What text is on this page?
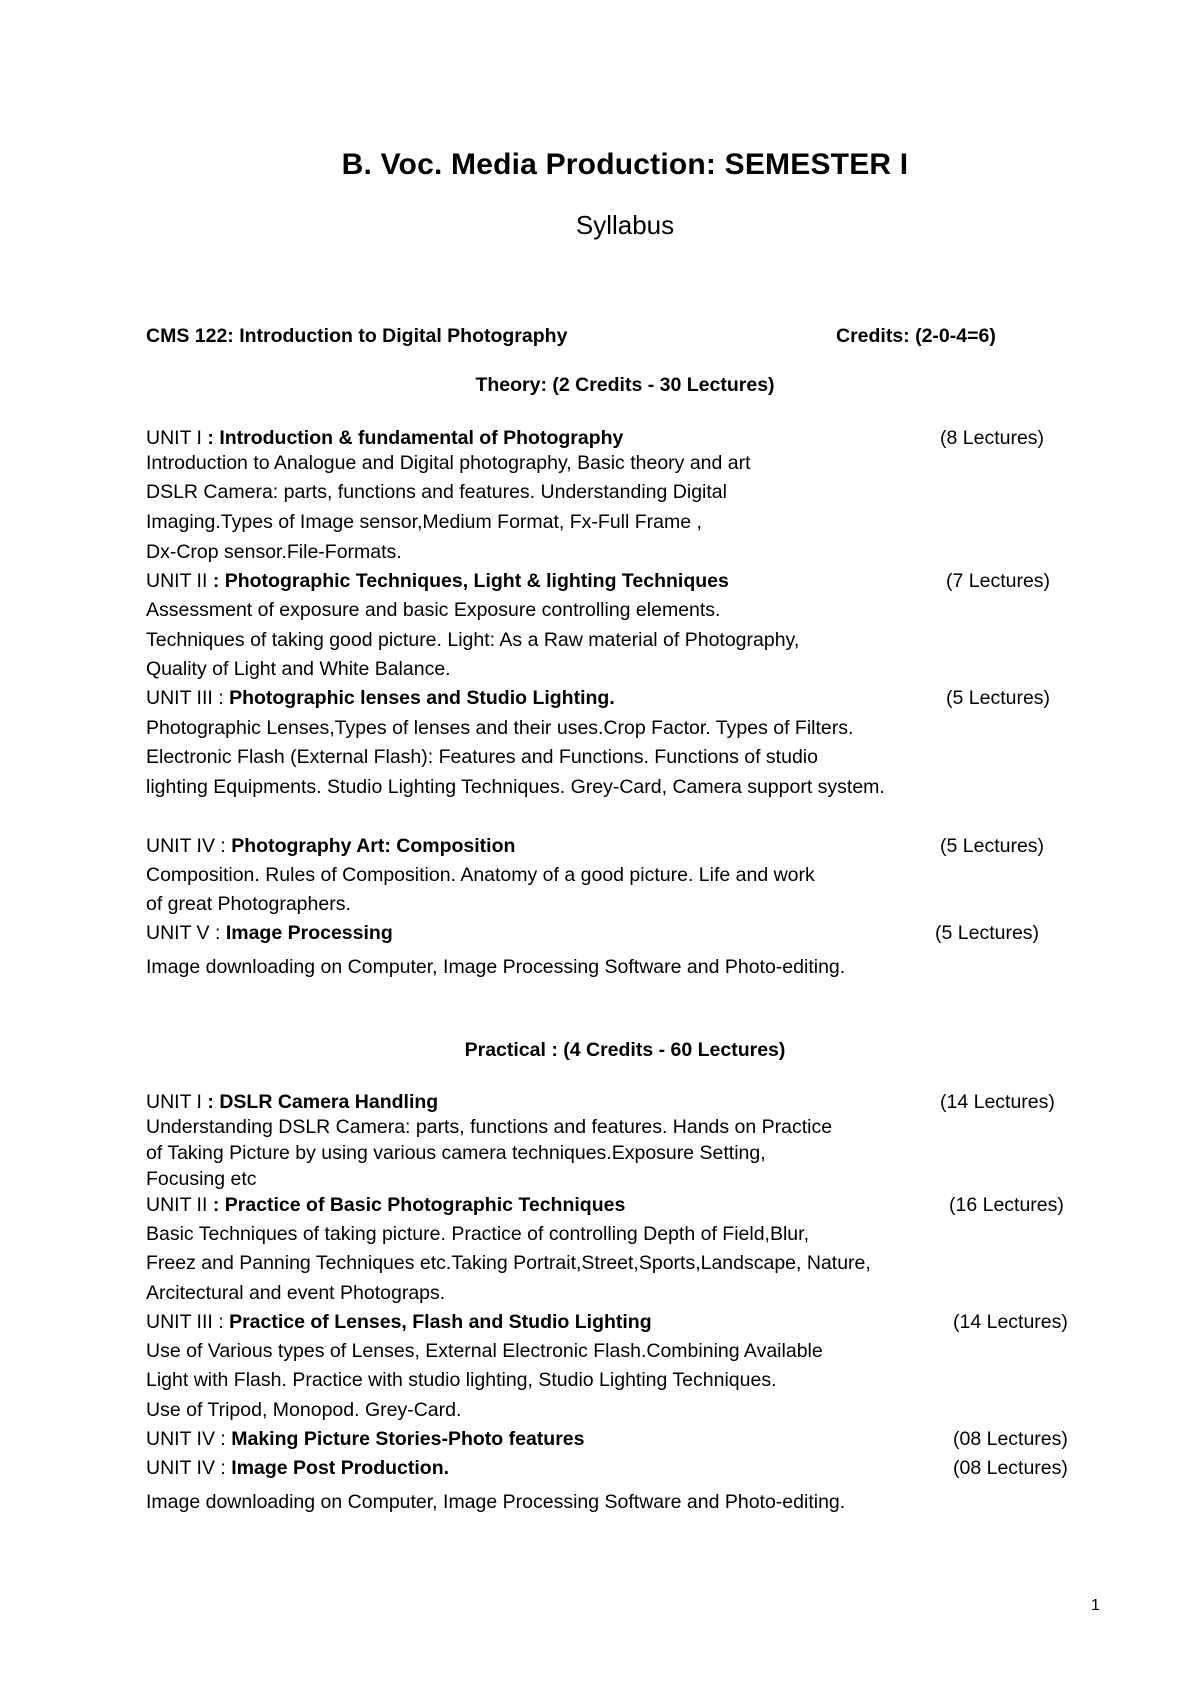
B. Voc. Media Production: SEMESTER I
Syllabus
CMS 122: Introduction to Digital Photography	Credits: (2-0-4=6)
Theory: (2 Credits - 30 Lectures)
UNIT I : Introduction & fundamental of Photography	(8 Lectures)
Introduction to Analogue and Digital photography, Basic theory and art
DSLR Camera: parts, functions and features. Understanding Digital
Imaging.Types of Image sensor,Medium Format, Fx-Full Frame ,
Dx-Crop sensor.File-Formats.
UNIT II : Photographic Techniques, Light & lighting Techniques	(7 Lectures)
Assessment of exposure and basic Exposure controlling elements.
Techniques of taking good picture. Light: As a Raw material of Photography,
Quality of Light and White Balance.
UNIT III : Photographic lenses and Studio Lighting.	(5 Lectures)
Photographic Lenses,Types of lenses and their uses.Crop Factor. Types of Filters.
Electronic Flash (External Flash): Features and Functions. Functions of studio
lighting Equipments. Studio Lighting Techniques. Grey-Card, Camera support system.
UNIT IV : Photography Art: Composition	(5 Lectures)
Composition. Rules of Composition. Anatomy of a good picture. Life and work
of great Photographers.
UNIT V : Image Processing	(5 Lectures)
Image downloading on Computer, Image Processing Software and Photo-editing.
Practical : (4 Credits - 60 Lectures)
UNIT I : DSLR Camera Handling	(14 Lectures)
Understanding DSLR Camera: parts, functions and features. Hands on Practice
of Taking Picture by using various camera techniques.Exposure Setting,
Focusing etc
UNIT II : Practice of Basic Photographic Techniques	(16 Lectures)
Basic Techniques of taking picture. Practice of controlling Depth of Field,Blur,
Freez and Panning Techniques etc.Taking Portrait,Street,Sports,Landscape, Nature,
Arcitectural and event Photograps.
UNIT III : Practice of Lenses, Flash and Studio Lighting	(14 Lectures)
Use of Various types of Lenses, External Electronic Flash.Combining Available
Light with Flash. Practice with studio lighting, Studio Lighting Techniques.
Use of Tripod, Monopod. Grey-Card.
UNIT IV : Making Picture Stories-Photo features	(08 Lectures)
UNIT IV : Image Post Production.	(08 Lectures)
Image downloading on Computer, Image Processing Software and Photo-editing.
1
